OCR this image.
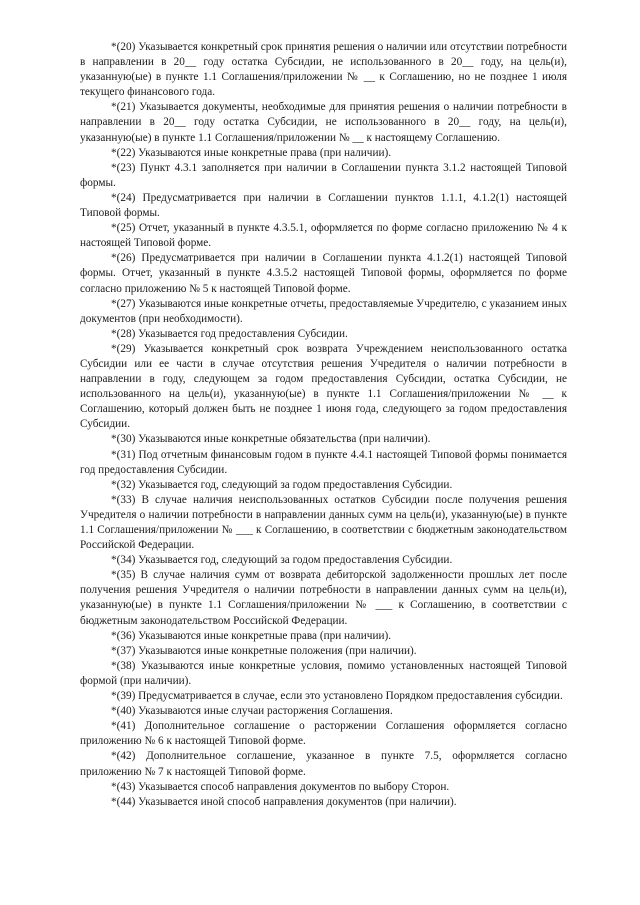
*(20) Указывается конкретный срок принятия решения о наличии или отсутствии потребности в направлении в 20__ году остатка Субсидии, не использованного в 20__ году, на цель(и), указанную(ые) в пункте 1.1 Соглашения/приложении № __ к Соглашению, но не позднее 1 июля текущего финансового года.

*(21) Указывается документы, необходимые для принятия решения о наличии потребности в направлении в 20__ году остатка Субсидии, не использованного в 20__ году, на цель(и), указанную(ые) в пункте 1.1 Соглашения/приложении № __ к настоящему Соглашению.

*(22) Указываются иные конкретные права (при наличии).

*(23) Пункт 4.3.1 заполняется при наличии в Соглашении пункта 3.1.2 настоящей Типовой формы.

*(24) Предусматривается при наличии в Соглашении пунктов 1.1.1, 4.1.2(1) настоящей Типовой формы.

*(25) Отчет, указанный в пункте 4.3.5.1, оформляется по форме согласно приложению № 4 к настоящей Типовой форме.

*(26) Предусматривается при наличии в Соглашении пункта 4.1.2(1) настоящей Типовой формы. Отчет, указанный в пункте 4.3.5.2 настоящей Типовой формы, оформляется по форме согласно приложению № 5 к настоящей Типовой форме.

*(27) Указываются иные конкретные отчеты, предоставляемые Учредителю, с указанием иных документов (при необходимости).

*(28) Указывается год предоставления Субсидии.

*(29) Указывается конкретный срок возврата Учреждением неиспользованного остатка Субсидии или ее части в случае отсутствия решения Учредителя о наличии потребности в направлении в году, следующем за годом предоставления Субсидии, остатка Субсидии, не использованного на цель(и), указанную(ые) в пункте 1.1 Соглашения/приложении № __ к Соглашению, который должен быть не позднее 1 июня года, следующего за годом предоставления Субсидии.

*(30) Указываются иные конкретные обязательства (при наличии).

*(31) Под отчетным финансовым годом в пункте 4.4.1 настоящей Типовой формы понимается год предоставления Субсидии.

*(32) Указывается год, следующий за годом предоставления Субсидии.

*(33) В случае наличия неиспользованных остатков Субсидии после получения решения Учредителя о наличии потребности в направлении данных сумм на цель(и), указанную(ые) в пункте 1.1 Соглашения/приложении № ___ к Соглашению, в соответствии с бюджетным законодательством Российской Федерации.

*(34) Указывается год, следующий за годом предоставления Субсидии.

*(35) В случае наличия сумм от возврата дебиторской задолженности прошлых лет после получения решения Учредителя о наличии потребности в направлении данных сумм на цель(и), указанную(ые) в пункте 1.1 Соглашения/приложении № ___ к Соглашению, в соответствии с бюджетным законодательством Российской Федерации.

*(36) Указываются иные конкретные права (при наличии).

*(37) Указываются иные конкретные положения (при наличии).

*(38) Указываются иные конкретные условия, помимо установленных настоящей Типовой формой (при наличии).

*(39) Предусматривается в случае, если это установлено Порядком предоставления субсидии.

*(40) Указываются иные случаи расторжения Соглашения.

*(41) Дополнительное соглашение о расторжении Соглашения оформляется согласно приложению № 6 к настоящей Типовой форме.

*(42) Дополнительное соглашение, указанное в пункте 7.5, оформляется согласно приложению № 7 к настоящей Типовой форме.

*(43) Указывается способ направления документов по выбору Сторон.

*(44) Указывается иной способ направления документов (при наличии).
